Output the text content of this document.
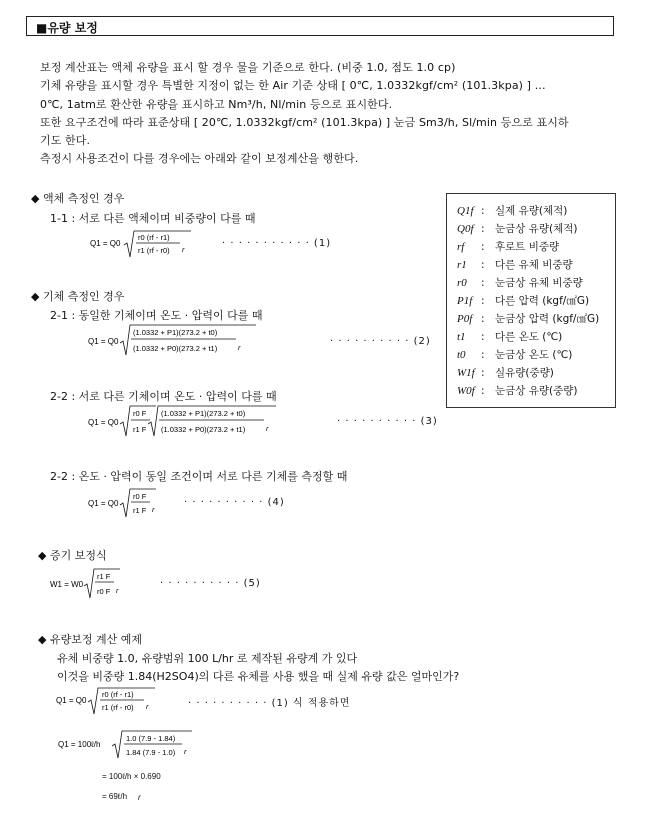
■유량 보정
보정 계산표는 액체 유량을 표시 할 경우 물을 기준으로 한다. (비중 1.0, 점도 1.0 cp)
기체 유량을 표시할 경우 특별한 지정이 없는 한 Air 기준 상태 [ 0℃, 1.0332kgf/cm² (101.3kpa) ] …
0℃, 1atm로 환산한 유량을 표시하고 Nm³/h, Nl/min 등으로 표시한다.
또한 요구조건에 따라 표준상태 [ 20℃, 1.0332kgf/cm² (101.3kpa) ] 눈금 Sm3/h, Sl/min 등으로 표시하
기도 한다.
측정시 사용조건이 다를 경우에는 아래와 같이 보정계산을 행한다.
◆ 액체 측정인 경우
1-1 : 서로 다른 액체이며 비중량이 다를 때
Q1 = Q0
r0 (rf - r1)
r1 (rf - r0) r
· · · · · · · · · · · (1)
◆ 기체 측정인 경우
2-1 : 동일한 기체이며 온도 · 압력이 다를 때
Q1 = Q0
(1.0332 + P1)(273.2 + t0)
(1.0332 + P0)(273.2 + t1)	r
· · · · · · · · · · (2)
2-2 : 서로 다른 기체이며 온도 · 압력이 다를 때
Q1 = Q0
r0 F
r1 F
(1.0332 + P1)(273.2 + t0)
(1.0332 + P0)(273.2 + t1)	r
· · · · · · · · · · (3)
2-2 : 온도 · 압력이 동일 조건이며 서로 다른 기체를 측정할 때
Q1 = Q0
r0 F
r1 F r
· · · · · · · · · · (4)
◆ 증기 보정식
W1 = W0
r1 F
r0 F r
· · · · · · · · · · (5)
◆ 유량보정 계산 예제
유체 비중량 1.0, 유량범위 100 L/hr 로 제작된 유량계 가 있다
이것을 비중량 1.84(H2SO4)의 다른 유체를 사용 했을 때 실제 유량 값은 얼마인가?
Q1 = Q0
r0 (rf - r1)
r1 (rf - r0) r	· · · · · · · · · · (1) 식 적용하면
Q1 = 100ℓ/h
1.0 (7.9 - 1.84)
1.84 (7.9 - 1.0) r
= 100ℓ/h × 0.690
= 69ℓ/h r
Q1f : 실제 유량(체적)
Q0f : 눈금상 유량(체적)
rf : 후로트 비중량
r1 : 다른 유체 비중량
r0 : 눈금상 유체 비중량
P1f : 다른 압력 (kgf/㎠G)
P0f : 눈금상 압력 (kgf/㎠G)
t1 : 다른 온도 (℃)
t0 : 눈금상 온도 (℃)
W1f : 실유량(중량)
W0f : 눈금상 유량(중량)
